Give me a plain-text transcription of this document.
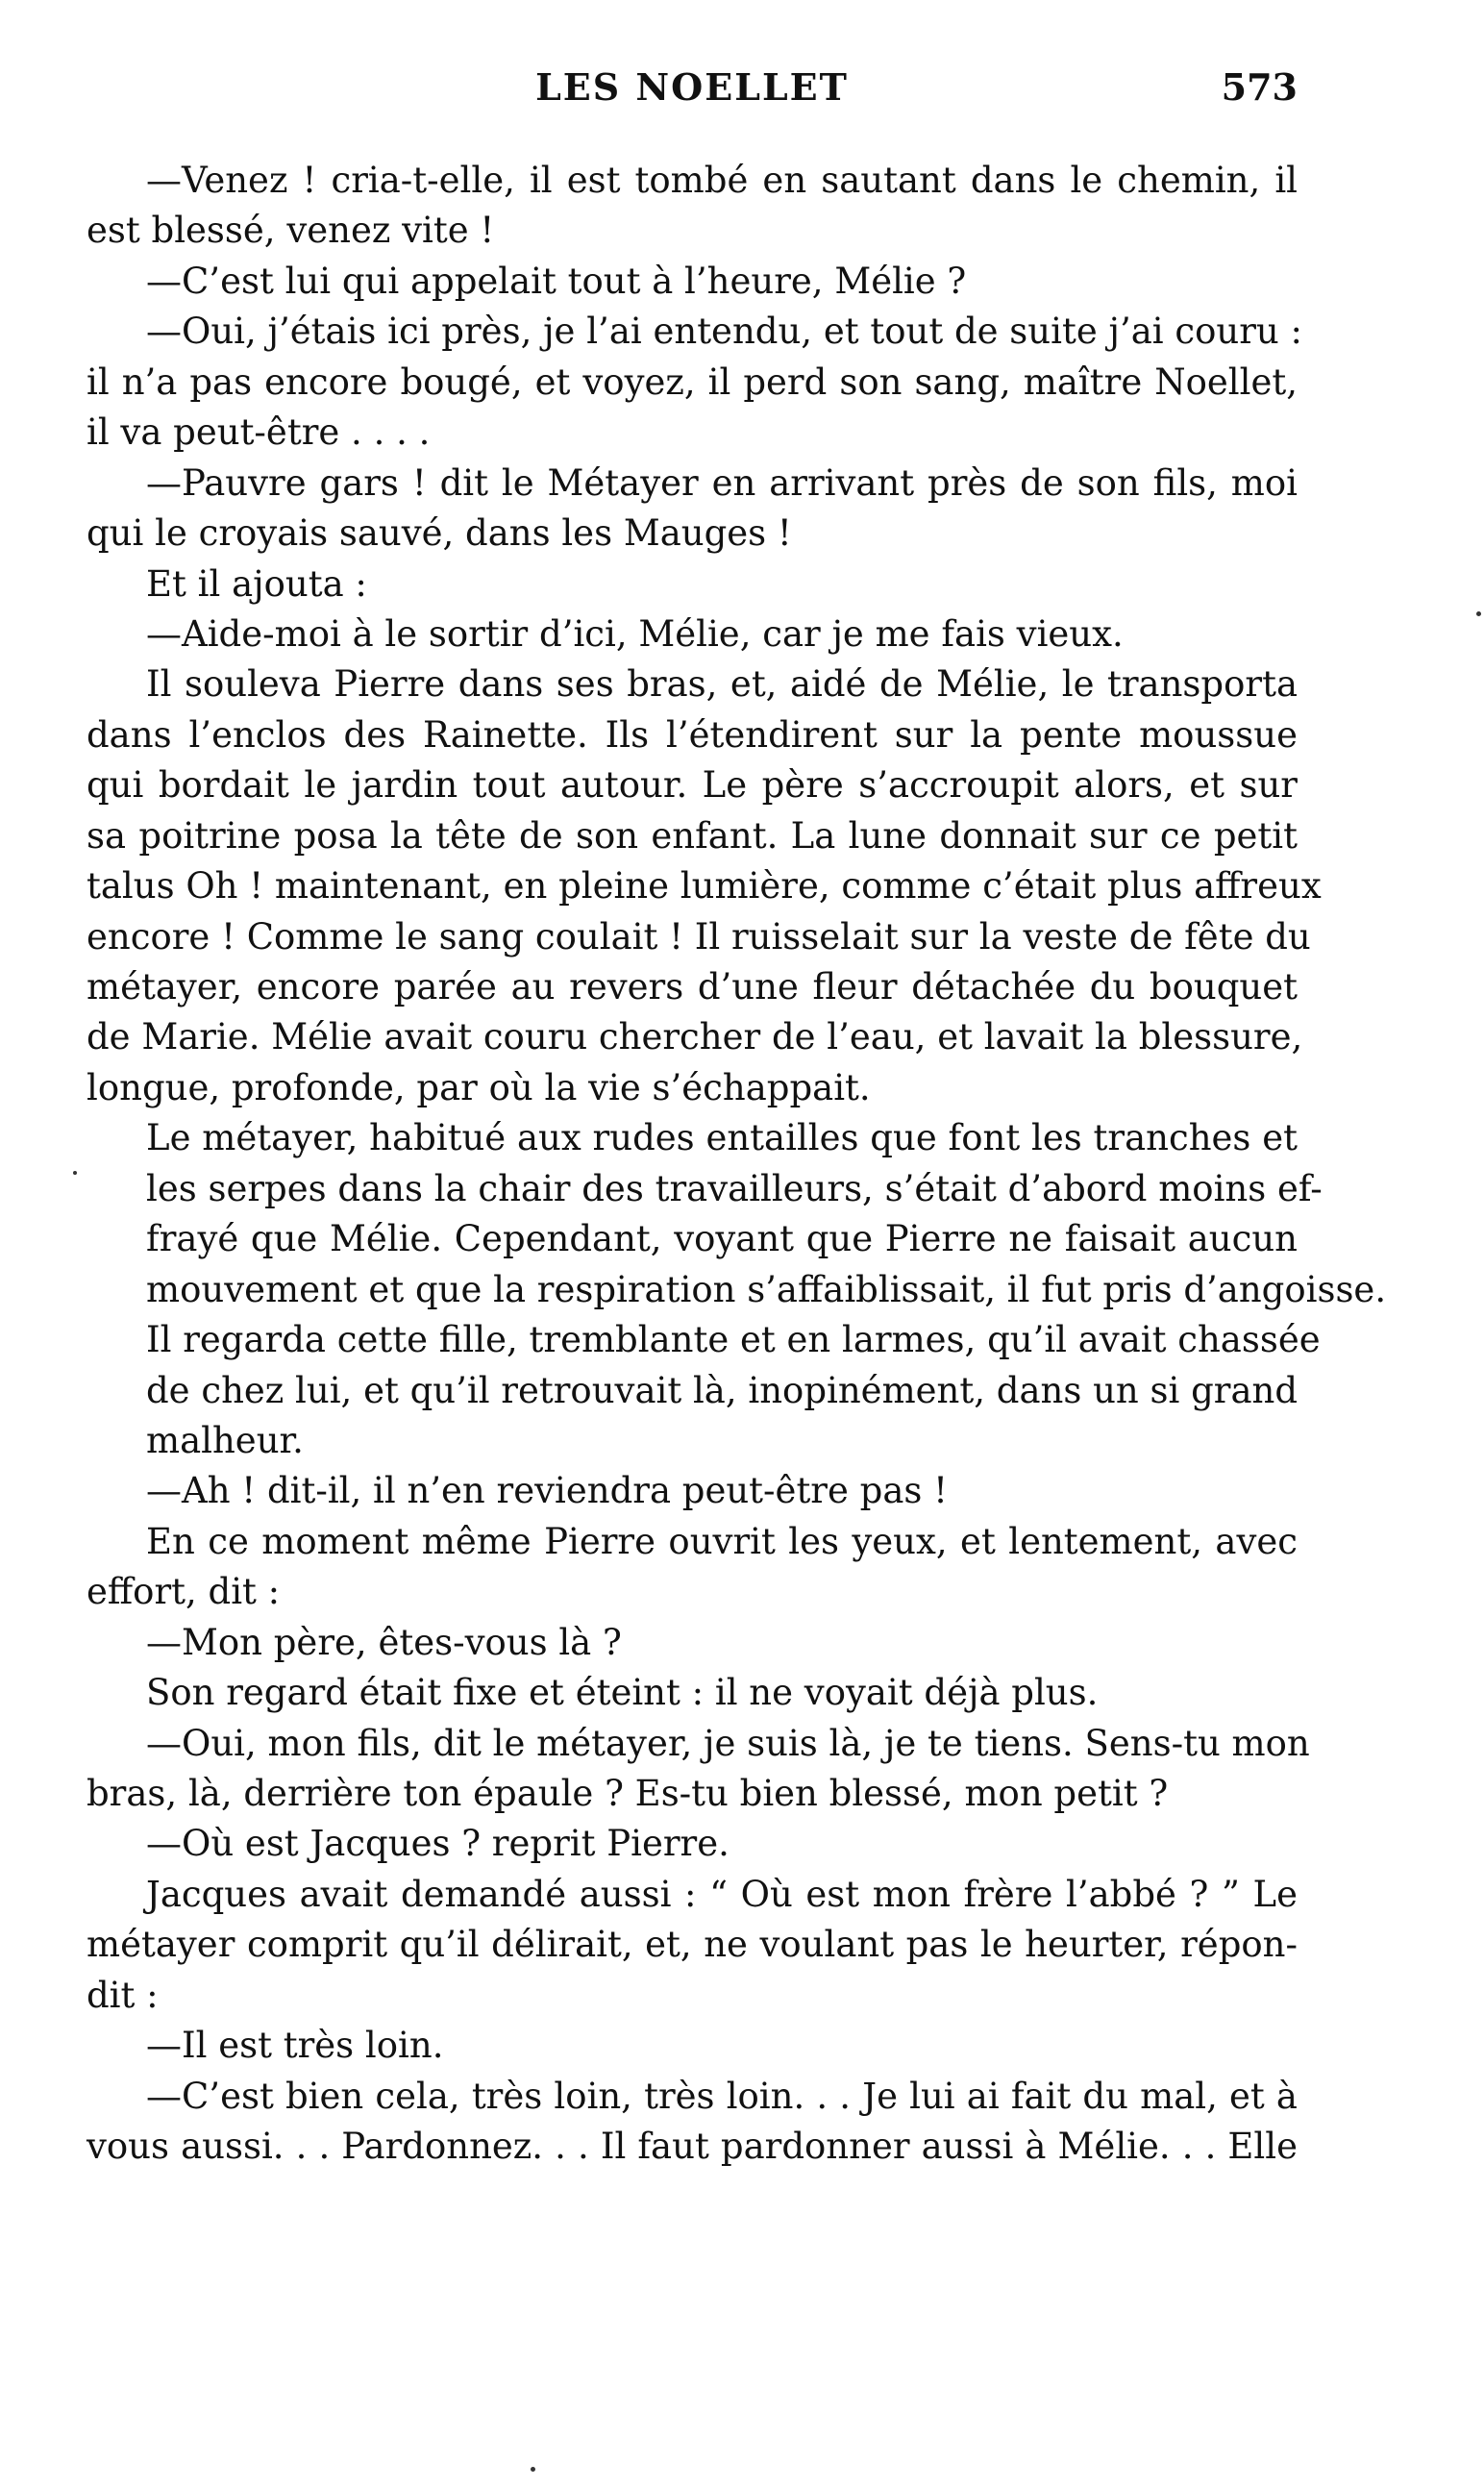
LES NOELLET	573
—Venez ! cria-t-elle, il est tombé en sautant dans le chemin, il
est blessé, venez vite !
—C’est lui qui appelait tout à l’heure, Mélie ?
—Oui, j’étais ici près, je l’ai entendu, et tout de suite j’ai couru :
il n’a pas encore bougé, et voyez, il perd son sang, maître Noellet,
il va peut-être . . . .
—Pauvre gars ! dit le Métayer en arrivant près de son fils, moi
qui le croyais sauvé, dans les Mauges !
Et il ajouta :
—Aide-moi à le sortir d’ici, Mélie, car je me fais vieux.
Il souleva Pierre dans ses bras, et, aidé de Mélie, le transporta
dans l’enclos des Rainette. Ils l’étendirent sur la pente moussue
qui bordait le jardin tout autour. Le père s’accroupit alors, et sur
sa poitrine posa la tête de son enfant. La lune donnait sur ce petit
talus Oh ! maintenant, en pleine lumière, comme c’était plus affreux
encore ! Comme le sang coulait ! Il ruisselait sur la veste de fête du
métayer, encore parée au revers d’une fleur détachée du bouquet
de Marie. Mélie avait couru chercher de l’eau, et lavait la blessure,
longue, profonde, par où la vie s’échappait.
Le métayer, habitué aux rudes entailles que font les tranches et
les serpes dans la chair des travailleurs, s’était d’abord moins ef-
frayé que Mélie. Cependant, voyant que Pierre ne faisait aucun
mouvement et que la respiration s’affaiblissait, il fut pris d’angoisse.
Il regarda cette fille, tremblante et en larmes, qu’il avait chassée
de chez lui, et qu’il retrouvait là, inopinément, dans un si grand
malheur.
—Ah ! dit-il, il n’en reviendra peut-être pas !
En ce moment même Pierre ouvrit les yeux, et lentement, avec
effort, dit :
—Mon père, êtes-vous là ?
Son regard était fixe et éteint : il ne voyait déjà plus.
—Oui, mon fils, dit le métayer, je suis là, je te tiens. Sens-tu mon
bras, là, derrière ton épaule ? Es-tu bien blessé, mon petit ?
—Où est Jacques ? reprit Pierre.
Jacques avait demandé aussi : “ Où est mon frère l’abbé ? ” Le
métayer comprit qu’il délirait, et, ne voulant pas le heurter, répon-
dit :
—Il est très loin.
—C’est bien cela, très loin, très loin. . . Je lui ai fait du mal, et à
vous aussi. . . Pardonnez. . . Il faut pardonner aussi à Mélie. . . Elle
